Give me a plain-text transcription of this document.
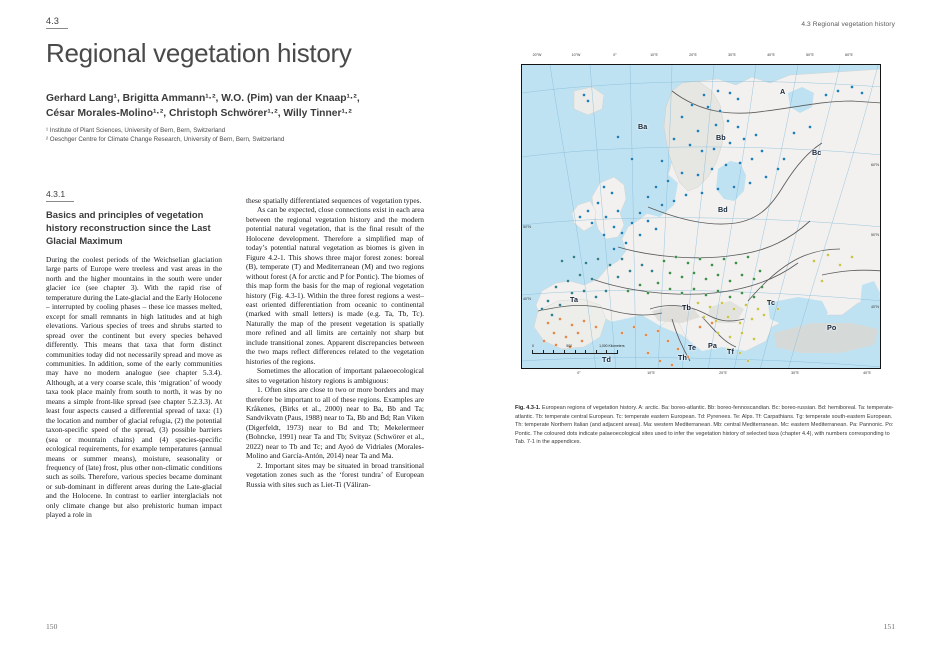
4.3
Regional vegetation history
Gerhard Lang¹, Brigitta Ammann¹·², W.O. (Pim) van der Knaap¹·²,
César Morales-Molino¹·², Christoph Schwörer¹·², Willy Tinner¹·²
¹ Institute of Plant Sciences, University of Bern, Bern, Switzerland
² Oeschger Centre for Climate Change Research, University of Bern, Bern, Switzerland
4.3.1
Basics and principles of vegetation history reconstruction since the Last Glacial Maximum

During the coolest periods of the Weichselian glaciation large parts of Europe were treeless and vast areas in the north and the higher mountains in the south were under glacier ice (see chapter 3). With the rapid rise of temperature during the Late-glacial and the Early Holocene – interrupted by cooling phases – these ice masses melted, except for small remnants in high latitudes and at high elevations. Various species of trees and shrubs started to spread over the continent but every species behaved differently. This means that taxa that form distinct communities today did not necessarily spread and move as communities. In addition, some of the early communities may have no modern analogue (see chapter 5.3.4). Although, at a very coarse scale, this ‘migration’ of woody taxa took place mainly from south to north, it was by no means a simple front-like spread (see chapter 5.2.3.3). At least four aspects caused a differential spread of taxa: (1) the location and number of glacial refugia, (2) the potential taxon-specific speed of the spread, (3) possible barriers (sea or mountain chains) and (4) species-specific ecological requirements, for example temperatures (annual means or summer means), moisture, seasonality or frequency of (late) frost, plus other non-climatic conditions such as soils. Therefore, various species became dominant or sub-dominant in different areas during the Late-glacial and the Holocene. In contrast to earlier interglacials not only climate change but also prehistoric human impact played a role in

these spatially differentiated sequences of vegetation types.

As can be expected, close connections exist in each area between the regional vegetation history and the modern potential natural vegetation, that is the final result of the Holocene development. Therefore a simplified map of today’s potential natural vegetation as biomes is given in Figure 4.2-1. This shows three major forest zones: boreal (B), temperate (T) and Mediterranean (M) and two regions without forest (A for arctic and P for Pontic). The biomes of this map form the basis for the map of regional vegetation history (Fig. 4.3-1). Within the three forest regions a west–east oriented differentiation from oceanic to continental (marked with small letters) is made (e.g. Ta, Tb, Tc). Naturally the map of the present vegetation is spatially more refined and all limits are certainly not sharp but include transitional zones. Apparent discrepancies between the two maps reflect differences related to the vegetation histories of the regions.

Sometimes the allocation of important palaeoecological sites to vegetation history regions is ambiguous:

1. Often sites are close to two or more borders and may therefore be important to all of these regions. Examples are Kråkenes, (Birks et al., 2000) near to Ba, Bb and Ta; Sandvikvatn (Paus, 1988) near to Ta, Bb and Bd; Ran Viken (Digerfeldt, 1973) near to Bd and Tb; Mekelermeer (Bohncke, 1991) near Ta and Tb; Svityaz (Schwörer et al., 2022) near to Tb and Tc; and Ayoó de Vidriales (Morales-Molino and García-Antón, 2014) near Ta and Ma.

2. Important sites may be situated in broad transitional vegetation zones such as the ‘forest tundra’ of European Russia with sites such as Liet-Ti (Väliran-

150
4.3 Regional vegetation history
20°W	10°W	0°	10°E	20°E	30°E	40°E	50°E	60°E
A
Ba
Bb
Bc
Bd
Ta
Tb
Tc
Td
Te	Tf
Th
Pa
Po
0	500	1,000 Kilometers
50°N
40°N
60°N
50°N
40°N
0°	10°E	20°E	30°E	40°E
Fig. 4.3-1. European regions of vegetation history. A: arctic. Ba: boreo-atlantic. Bb: boreo-fennoscandian. Bc: boreo-russian. Bd: hemiboreal. Ta: temperate-atlantic. Tb: temperate central European. Tc: temperate eastern European. Td: Pyrenees. Te: Alps. Tf: Carpathians. Tg: temperate south-eastern European. Th: temperate Northern Italian (and adjacent areas). Ma: western Mediterranean. Mb: central Mediterranean. Mc: eastern Mediterranean. Pa: Pannonic. Po: Pontic. The coloured dots indicate palaeoecological sites used to infer the vegetation history of selected taxa (chapter 4.4), with numbers corresponding to Tab. 7-1 in the appendices.
151
